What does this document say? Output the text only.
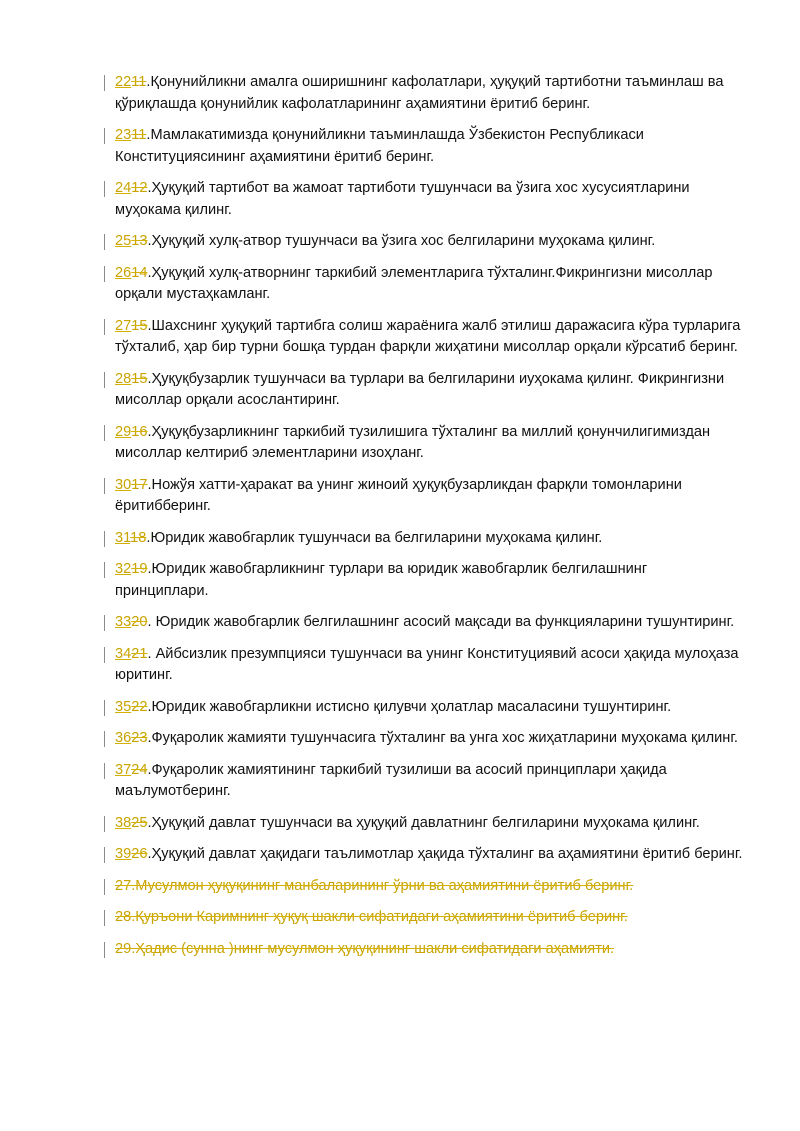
2211.Қонунийликни амалга оширишнинг кафолатлари, ҳуқуқий тартиботни таъминлаш ва қўриқлашда қонунийлик кафолатларининг аҳамиятини ёритиб беринг.
2311.Мамлакатимизда қонунийликни таъминлашда Ўзбекистон Республикаси Конституциясининг аҳамиятини ёритиб беринг.
2412.Ҳуқуқий тартибот ва жамоат тартиботи тушунчаси ва ўзига хос хусусиятларини муҳокама қилинг.
2513.Ҳуқуқий хулқ-атвор тушунчаси ва ўзига хос белгиларини муҳокама қилинг.
2614.Ҳуқуқий хулқ-атворнинг таркибий элементларига тўхталинг.Фикрингизни мисоллар орқали мустаҳкамланг.
2715.Шахснинг ҳуқуқий тартибга солиш жараёнига жалб этилиш даражасига кўра турларига тўхталиб, ҳар бир турни бошқа турдан фарқли жиҳатини мисоллар орқали кўрсатиб беринг.
2815.Ҳуқуқбузарлик тушунчаси ва турлари ва белгиларини иуҳокама қилинг. Фикрингизни мисоллар орқали асослантиринг.
2916.Ҳуқуқбузарликнинг таркибий тузилишига тўхталинг ва миллий қонунчилигимиздан мисоллар келтириб элементларини изоҳланг.
3017.Ножўя хатти-ҳаракат ва унинг жиноий ҳуқуқбузарликдан фарқли томонларини ёритибберинг.
3118.Юридик жавобгарлик тушунчаси ва белгиларини муҳокама қилинг.
3219.Юридик жавобгарликнинг турлари ва юридик жавобгарлик белгилашнинг принциплари.
3320. Юридик жавобгарлик белгилашнинг асосий мақсади ва функцияларини тушунтиринг.
3421. Айбсизлик презумпцияси тушунчаси ва унинг Конституциявий асоси ҳақида мулоҳаза юритинг.
3522.Юридик жавобгарликни истисно қилувчи ҳолатлар масаласини тушунтиринг.
3623.Фуқаролик жамияти тушунчасига тўхталинг ва унга хос жиҳатларини муҳокама қилинг.
3724.Фуқаролик жамиятининг таркибий тузилиши ва асосий принциплари ҳақида маълумотберинг.
3825.Ҳуқуқий давлат тушунчаси ва ҳуқуқий давлатнинг белгиларини муҳокама қилинг.
3926.Ҳуқуқий давлат ҳақидаги таълимотлар ҳақида тўхталинг ва аҳамиятини ёритиб беринг.
27.Мусулмон ҳуқуқининг манбаларининг ўрни ва аҳамиятини ёритиб беринг.
28.Қуръони Каримнинг ҳуқуқ шакли сифатидаги аҳамиятини ёритиб беринг.
29.Ҳадис (сунна )нинг мусулмон ҳуқуқининг шакли сифатидаги аҳамияти.
